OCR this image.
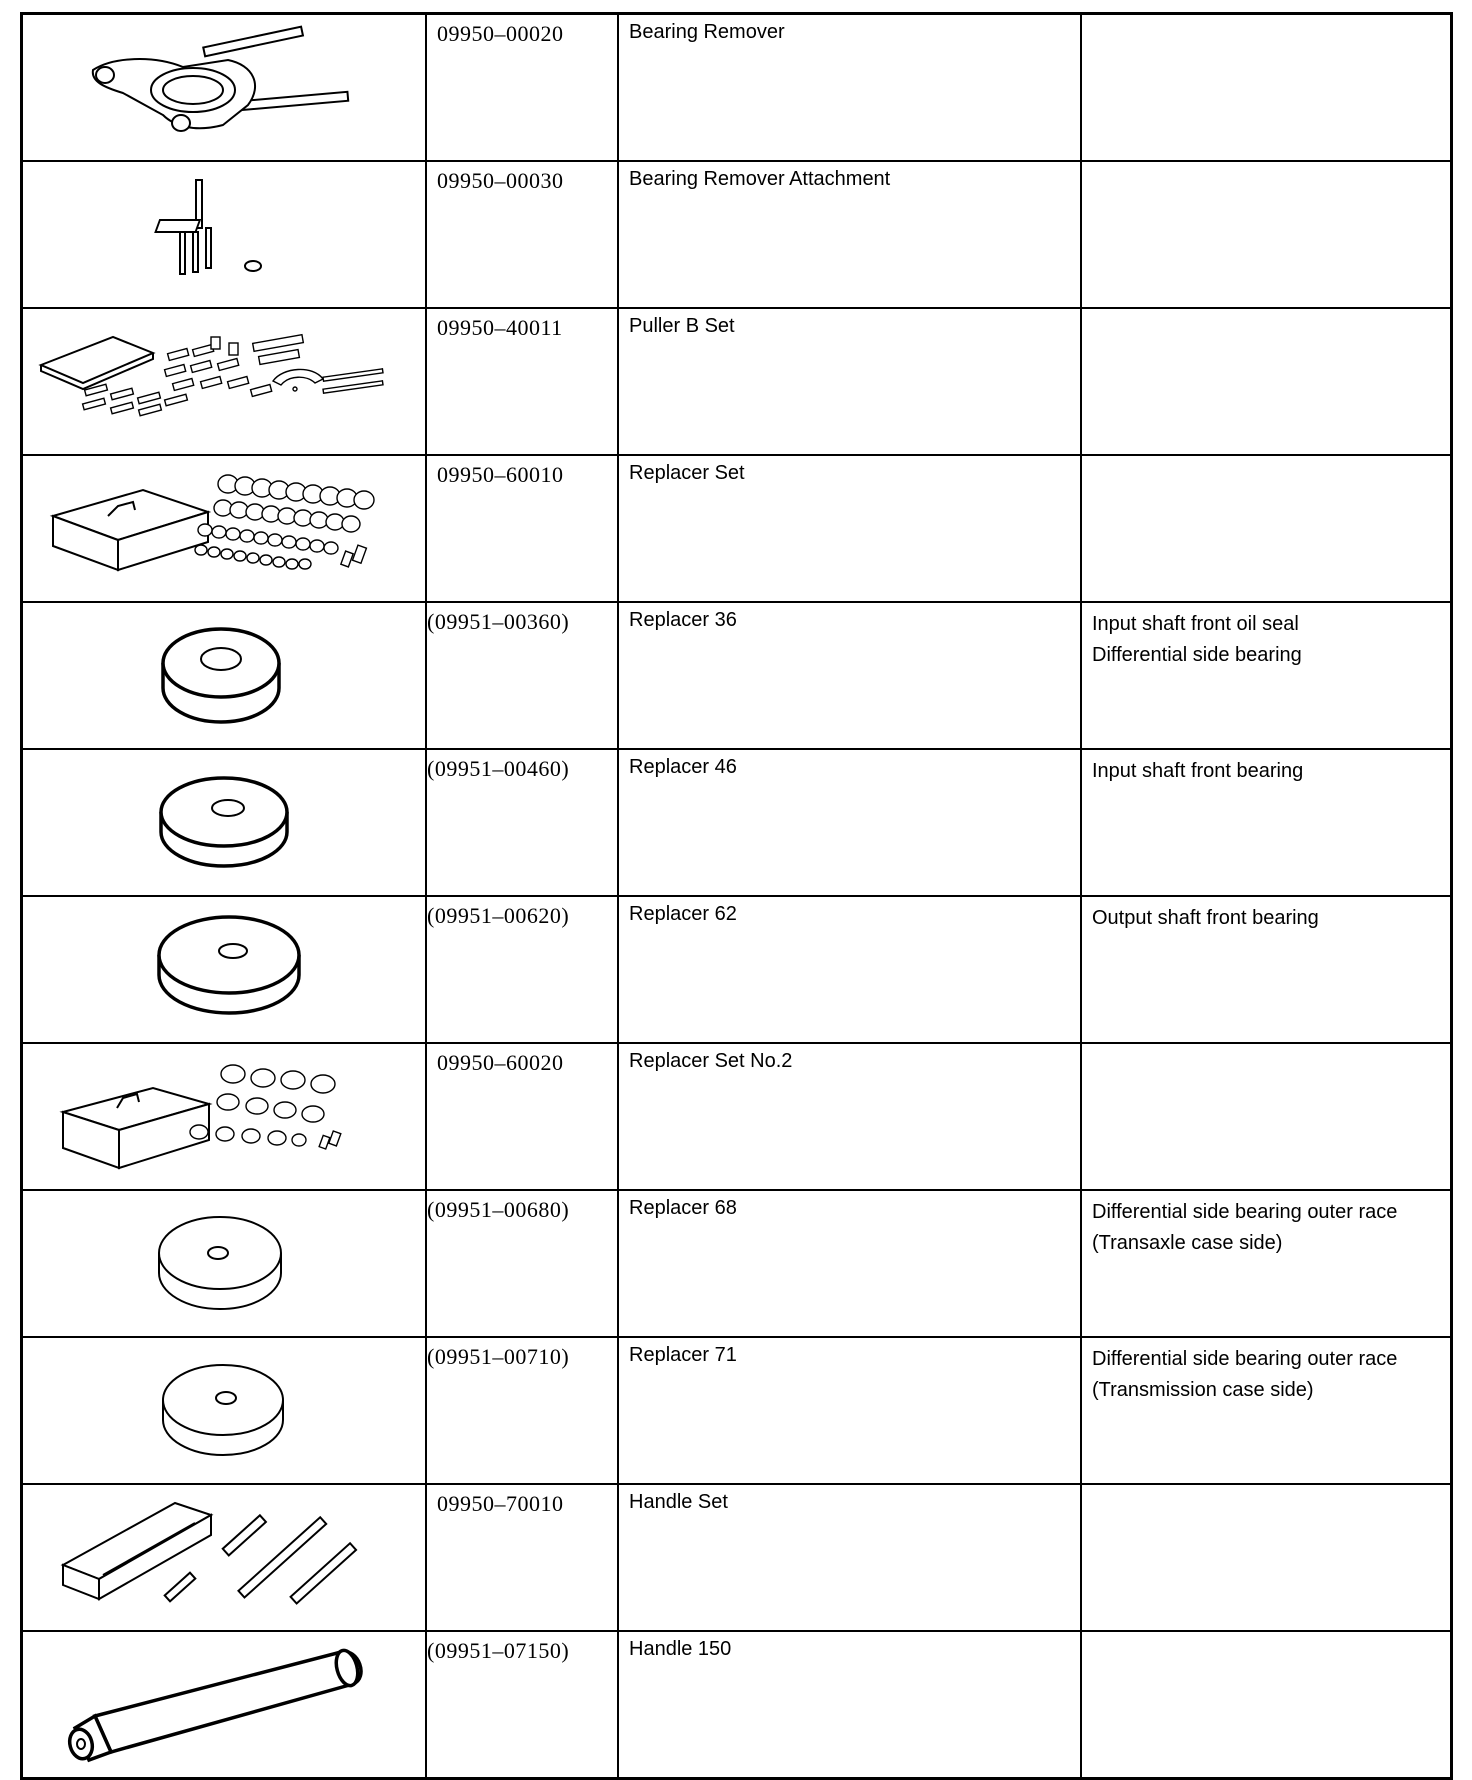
	09950–00020	Bearing Remover	

	09950–00030	Bearing Remover Attachment	

	09950–40011	Puller B Set	

	09950–60010	Replacer Set	

	(09951–00360)	Replacer 36	Input shaft front oil seal
Differential side bearing

	(09951–00460)	Replacer 46	Input shaft front bearing

	(09951–00620)	Replacer 62	Output shaft front bearing

	09950–60020	Replacer Set No.2	

	(09951–00680)	Replacer 68	Differential side bearing outer race
(Transaxle case side)

	(09951–00710)	Replacer 71	Differential side bearing outer race
(Transmission case side)

	09950–70010	Handle Set	

	(09951–07150)	Handle 150	
